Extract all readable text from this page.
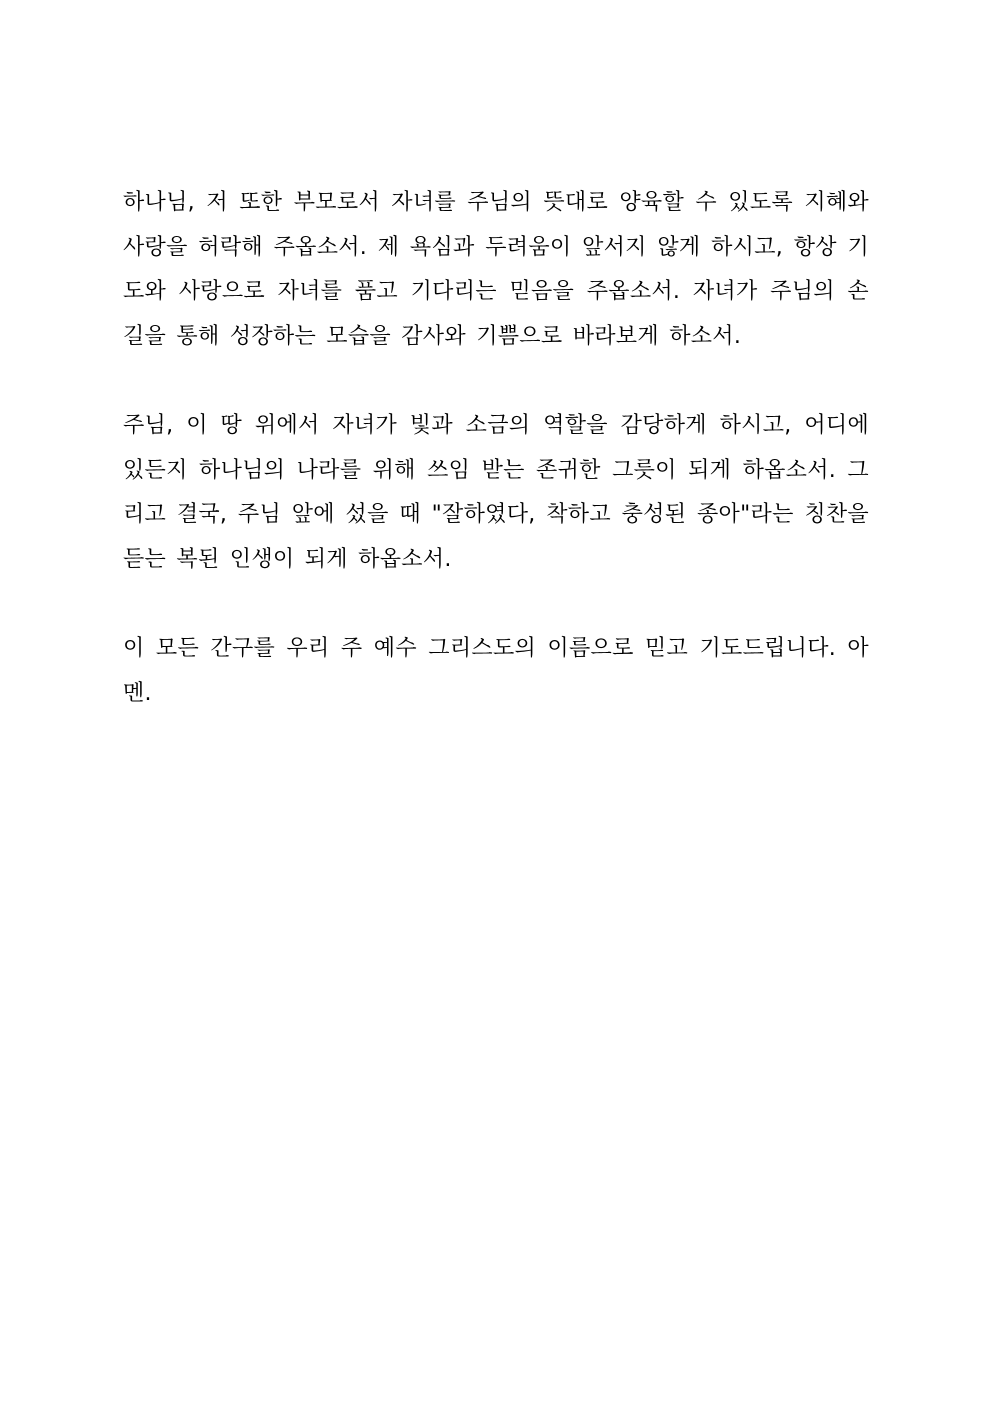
하나님, 저 또한 부모로서 자녀를 주님의 뜻대로 양육할 수 있도록 지혜와 사랑을 허락해 주옵소서. 제 욕심과 두려움이 앞서지 않게 하시고, 항상 기도와 사랑으로 자녀를 품고 기다리는 믿음을 주옵소서. 자녀가 주님의 손길을 통해 성장하는 모습을 감사와 기쁨으로 바라보게 하소서.

주님, 이 땅 위에서 자녀가 빛과 소금의 역할을 감당하게 하시고, 어디에 있든지 하나님의 나라를 위해 쓰임 받는 존귀한 그릇이 되게 하옵소서. 그리고 결국, 주님 앞에 섰을 때 "잘하였다, 착하고 충성된 종아"라는 칭찬을 듣는 복된 인생이 되게 하옵소서.

이 모든 간구를 우리 주 예수 그리스도의 이름으로 믿고 기도드립니다. 아멘.
